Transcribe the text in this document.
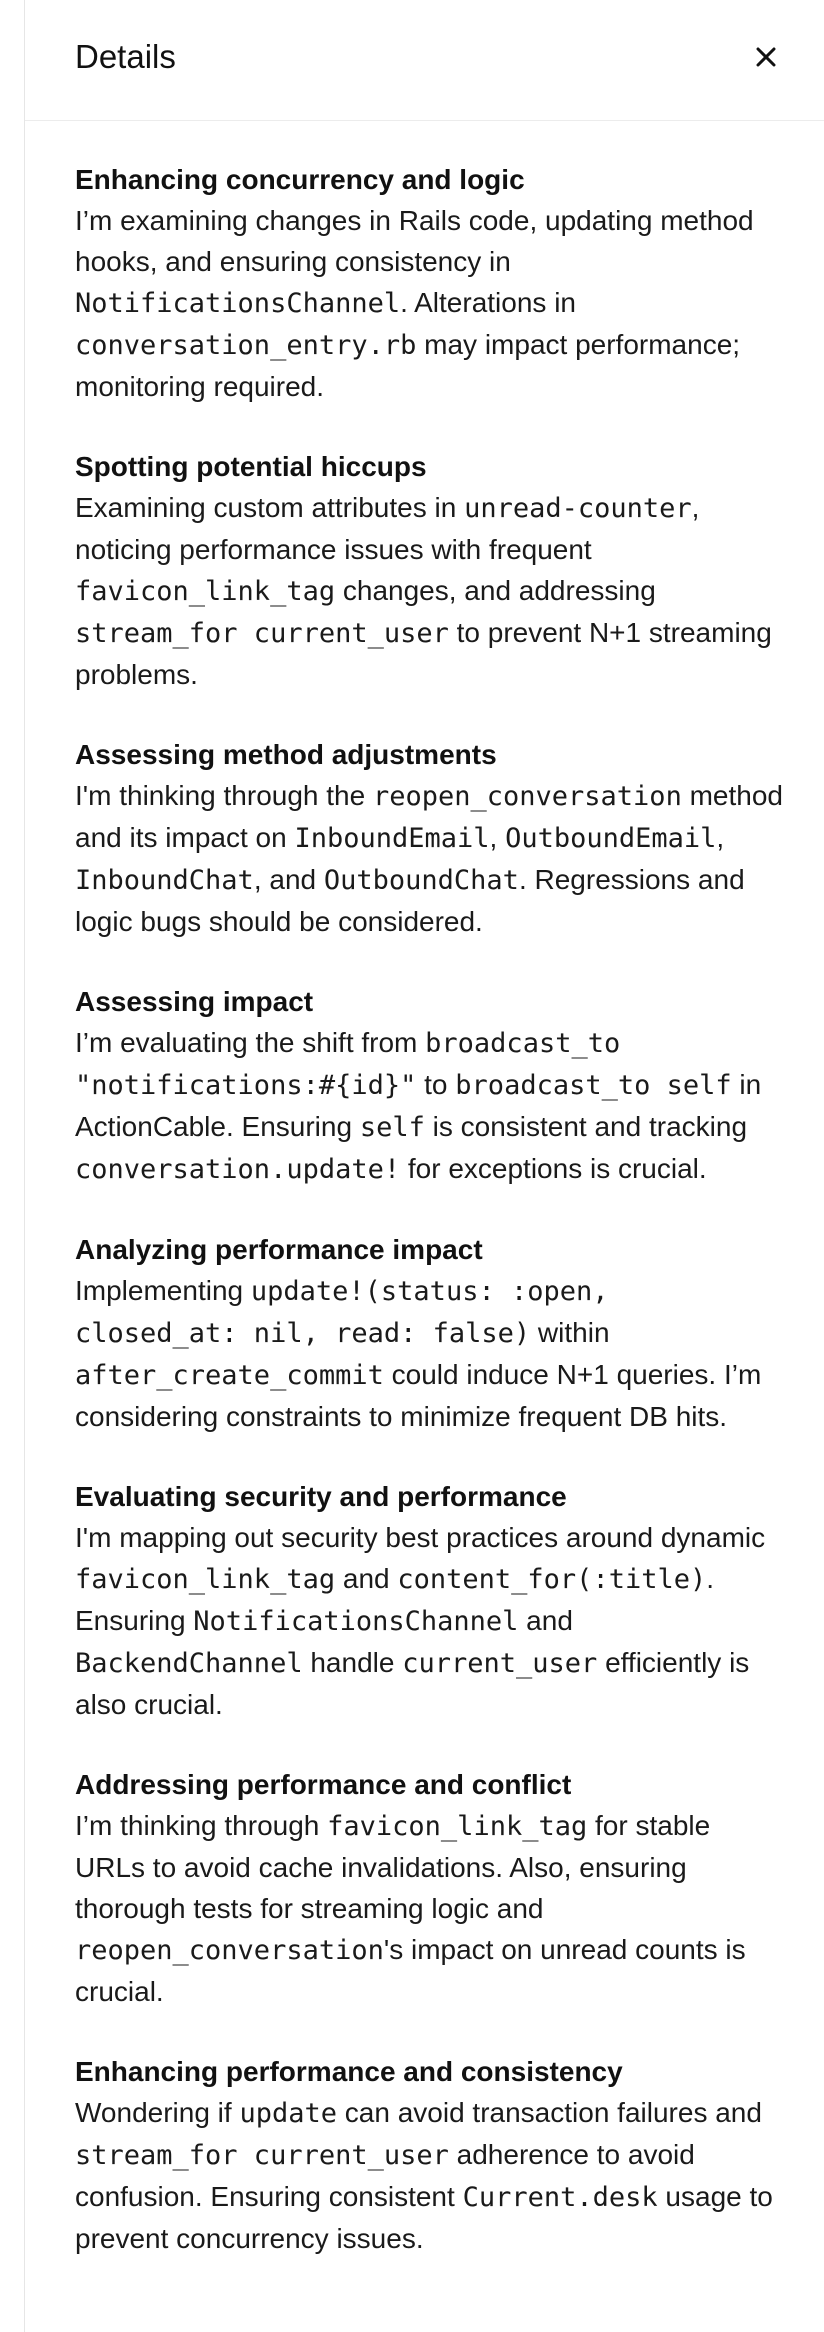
Details
Enhancing concurrency and logic

I’m examining changes in Rails code, updating method hooks, and ensuring consistency in NotificationsChannel. Alterations in conversation_entry.rb may impact performance; monitoring required.

Spotting potential hiccups

Examining custom attributes in unread-counter, noticing performance issues with frequent favicon_link_tag changes, and addressing stream_for current_user to prevent N+1 streaming problems.

Assessing method adjustments

I'm thinking through the reopen_conversation method and its impact on InboundEmail, OutboundEmail, InboundChat, and OutboundChat. Regressions and logic bugs should be considered.

Assessing impact

I’m evaluating the shift from broadcast_to "notifications:#{id}" to broadcast_to self in ActionCable. Ensuring self is consistent and tracking conversation.update! for exceptions is crucial.

Analyzing performance impact

Implementing update!(status: :open, closed_at: nil, read: false) within after_create_commit could induce N+1 queries. I’m considering constraints to minimize frequent DB hits.

Evaluating security and performance

I'm mapping out security best practices around dynamic favicon_link_tag and content_for(:title). Ensuring NotificationsChannel and BackendChannel handle current_user efficiently is also crucial.

Addressing performance and conflict

I’m thinking through favicon_link_tag for stable URLs to avoid cache invalidations. Also, ensuring thorough tests for streaming logic and reopen_conversation's impact on unread counts is crucial.

Enhancing performance and consistency

Wondering if update can avoid transaction failures and stream_for current_user adherence to avoid confusion. Ensuring consistent Current.desk usage to prevent concurrency issues.
